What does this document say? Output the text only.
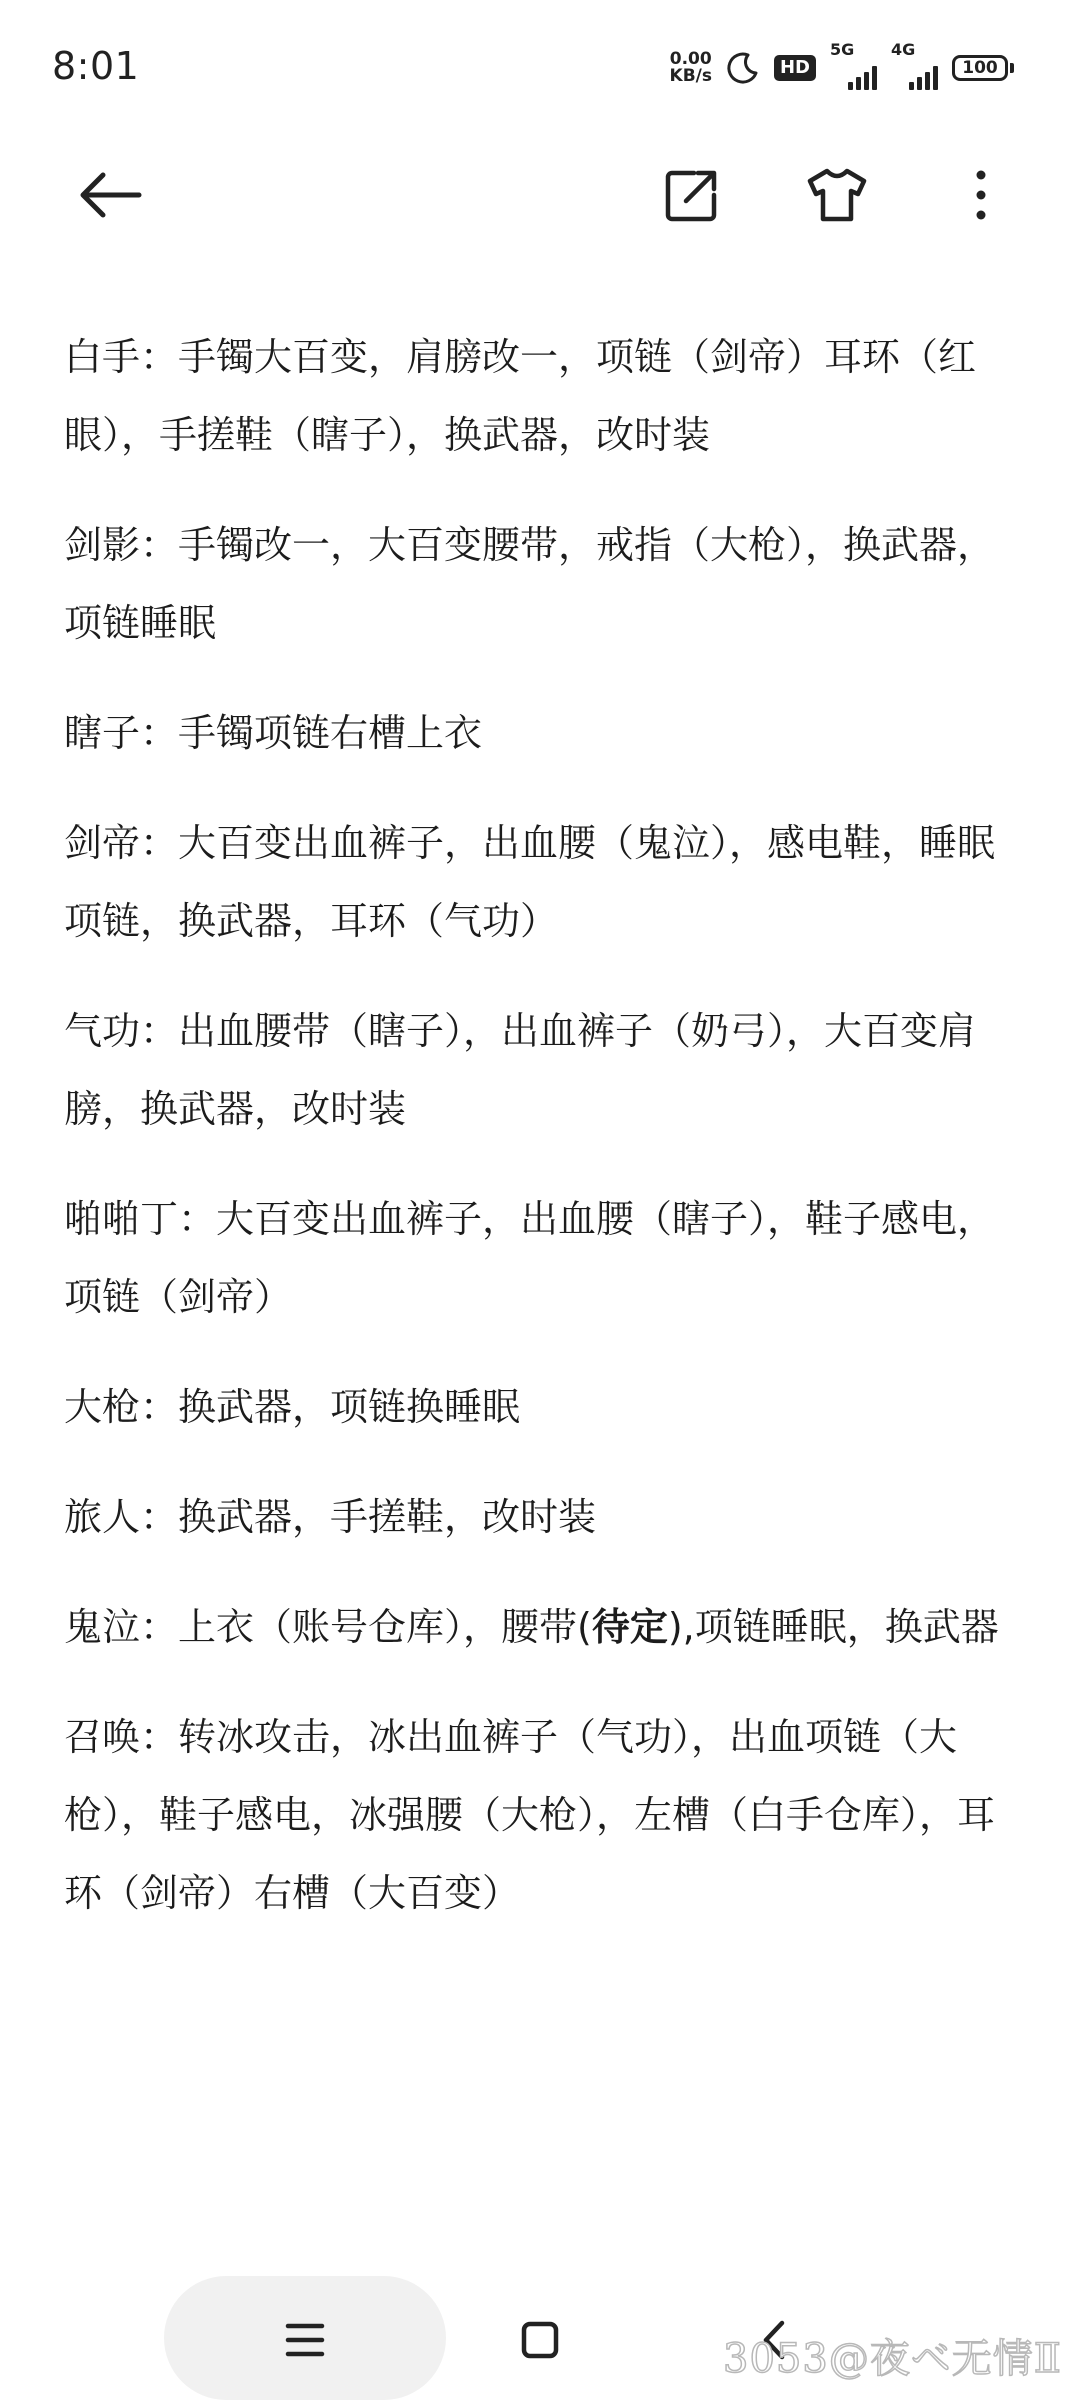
8:01	0.00
KB/s	HD
5G 4G
100

白手：手镯大百变，肩膀改一，项链（剑帝）耳环（红眼），手搓鞋（瞎子），换武器，改时装

剑影：手镯改一，大百变腰带，戒指（大枪），换武器，项链睡眠

瞎子：手镯项链右槽上衣

剑帝：大百变出血裤子，出血腰（鬼泣），感电鞋，睡眠项链，换武器，耳环（气功）

气功：出血腰带（瞎子），出血裤子（奶弓），大百变肩膀，换武器，改时装

啪啪丁：大百变出血裤子，出血腰（瞎子），鞋子感电，项链（剑帝）

大枪：换武器，项链换睡眠

旅人：换武器，手搓鞋，改时装

鬼泣：上衣（账号仓库），腰带(待定),项链睡眠，换武器

召唤：转冰攻击，冰出血裤子（气功），出血项链（大枪），鞋子感电，冰强腰（大枪），左槽（白手仓库），耳环（剑帝）右槽（大百变）

3053@夜ベ无情Ⅱ
